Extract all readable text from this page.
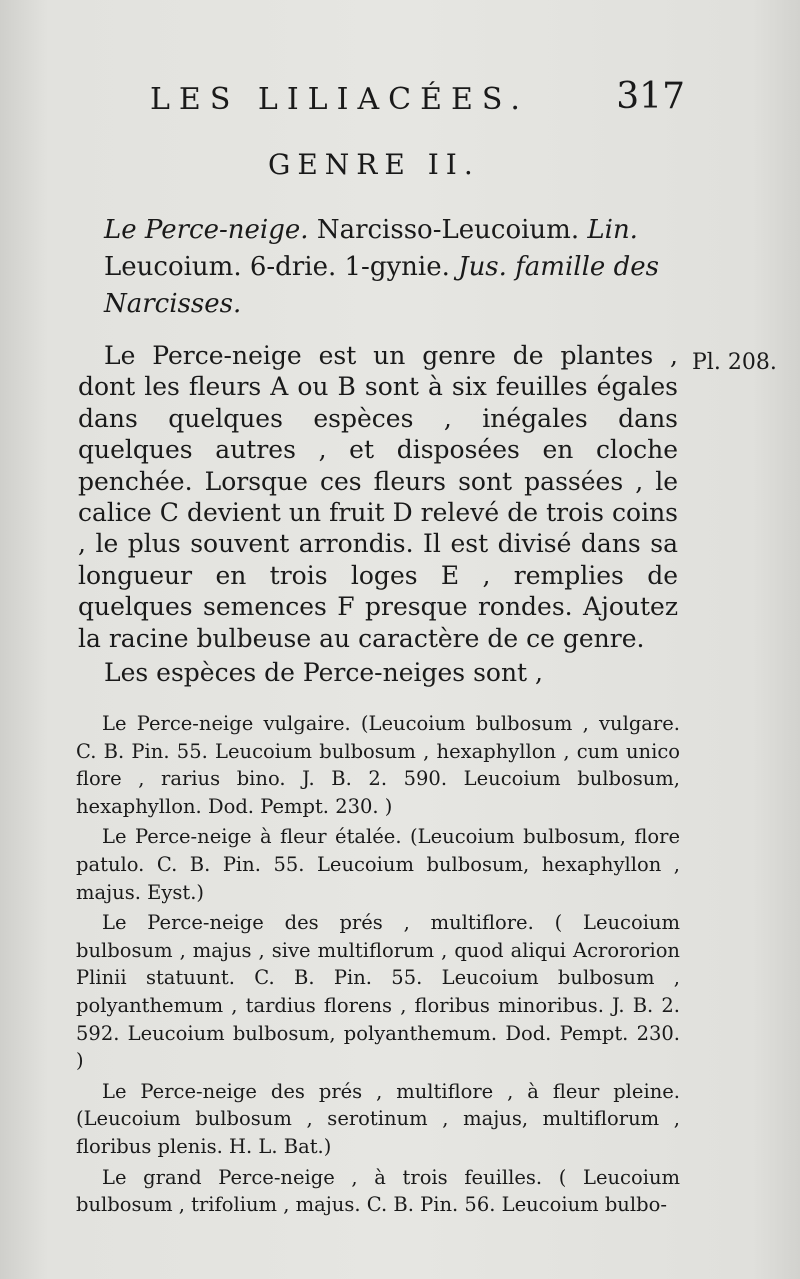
LES LILIACÉES. 317
GENRE II.
Le Perce-neige. Narcisso-Leucoium. Lin. Leucoium. 6-drie. 1-gynie. Jus. famille des Narcisses.
Le Perce-neige est un genre de plantes , dont les fleurs A ou B sont à six feuilles égales dans quelques espèces , inégales dans quelques autres , et disposées en cloche penchée. Lorsque ces fleurs sont passées , le calice C devient un fruit D relevé de trois coins , le plus souvent arrondis. Il est divisé dans sa longueur en trois loges E , remplies de quelques semences F presque rondes. Ajoutez la racine bulbeuse au caractère de ce genre.
Pl. 208.
Les espèces de Perce-neiges sont ,

Le Perce-neige vulgaire. (Leucoium bulbosum , vulgare. C. B. Pin. 55. Leucoium bulbosum , hexaphyllon , cum unico flore , rarius bino. J. B. 2. 590. Leucoium bulbosum, hexaphyllon. Dod. Pempt. 230. )

Le Perce-neige à fleur étalée. (Leucoium bulbosum, flore patulo. C. B. Pin. 55. Leucoium bulbosum, hexaphyllon , majus. Eyst.)

Le Perce-neige des prés , multiflore. ( Leucoium bulbosum , majus , sive multiflorum , quod aliqui Acrororion Plinii statuunt. C. B. Pin. 55. Leucoium bulbosum , polyanthemum , tardius florens , floribus minoribus. J. B. 2. 592. Leucoium bulbosum, polyanthemum. Dod. Pempt. 230. )

Le Perce-neige des prés , multiflore , à fleur pleine. (Leucoium bulbosum , serotinum , majus, multiflorum , floribus plenis. H. L. Bat.)

Le grand Perce-neige , à trois feuilles. ( Leucoium bulbosum , trifolium , majus. C. B. Pin. 56. Leucoium bulbo-
